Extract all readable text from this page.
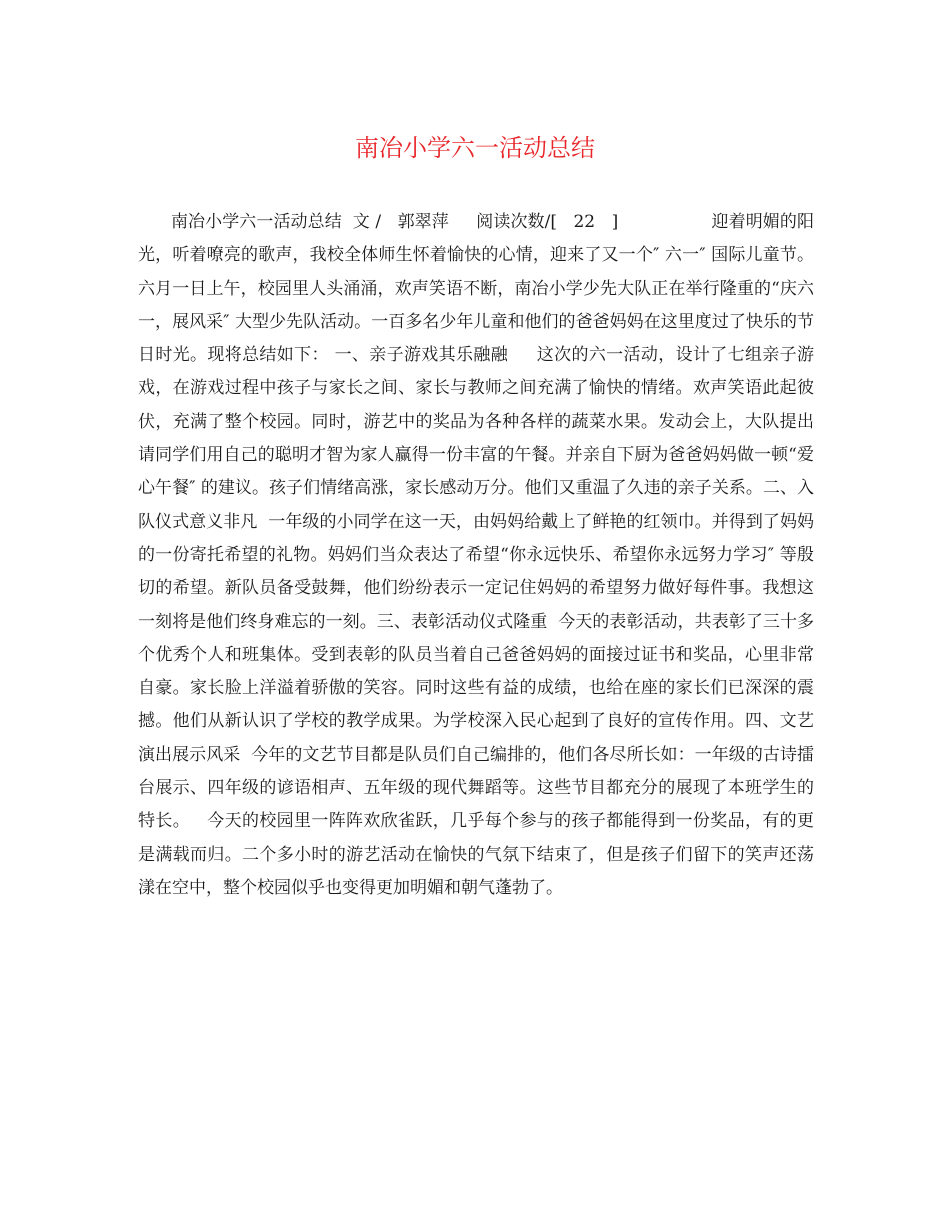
南冶小学六一活动总结

南冶小学六一活动总结  文 /   郭翠萍     阅读次数/[   22   ]                 迎着明媚的阳光，听着嘹亮的歌声，我校全体师生怀着愉快的心情，迎来了又一个″ 六一″ 国际儿童节。 六月一日上午，校园里人头涌涌，欢声笑语不断，南冶小学少先大队正在举行隆重的“庆六一，展风采″ 大型少先队活动。一百多名少年儿童和他们的爸爸妈妈在这里度过了快乐的节日时光。现将总结如下： 一、亲子游戏其乐融融     这次的六一活动，设计了七组亲子游戏，在游戏过程中孩子与家长之间、家长与教师之间充满了愉快的情绪。欢声笑语此起彼伏，充满了整个校园。同时，游艺中的奖品为各种各样的蔬菜水果。发动会上，大队提出请同学们用自己的聪明才智为家人赢得一份丰富的午餐。并亲自下厨为爸爸妈妈做一顿“爱心午餐″ 的建议。孩子们情绪高涨，家长感动万分。他们又重温了久违的亲子关系。二、入队仪式意义非凡  一年级的小同学在这一天，由妈妈给戴上了鲜艳的红领巾。并得到了妈妈的一份寄托希望的礼物。妈妈们当众表达了希望“你永远快乐、希望你永远努力学习″ 等殷切的希望。新队员备受鼓舞，他们纷纷表示一定记住妈妈的希望努力做好每件事。我想这一刻将是他们终身难忘的一刻。三、表彰活动仪式隆重  今天的表彰活动，共表彰了三十多个优秀个人和班集体。受到表彰的队员当着自己爸爸妈妈的面接过证书和奖品，心里非常自豪。家长脸上洋溢着骄傲的笑容。同时这些有益的成绩，也给在座的家长们已深深的震撼。他们从新认识了学校的教学成果。为学校深入民心起到了良好的宣传作用。四、文艺演出展示风采  今年的文艺节目都是队员们自己编排的，他们各尽所长如：一年级的古诗擂台展示、四年级的谚语相声、五年级的现代舞蹈等。这些节目都充分的展现了本班学生的特长。   今天的校园里一阵阵欢欣雀跃，几乎每个参与的孩子都能得到一份奖品，有的更是满载而归。二个多小时的游艺活动在愉快的气氛下结束了，但是孩子们留下的笑声还荡漾在空中，整个校园似乎也变得更加明媚和朝气蓬勃了。
